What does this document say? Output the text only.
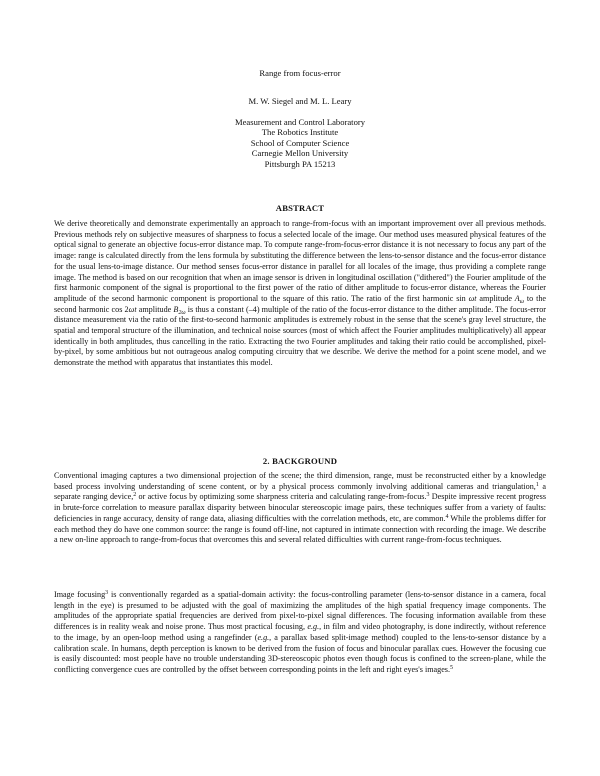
Range from focus-error
M. W. Siegel and M. L. Leary
Measurement and Control Laboratory
The Robotics Institute
School of Computer Science
Carnegie Mellon University
Pittsburgh PA 15213
ABSTRACT

We derive theoretically and demonstrate experimentally an approach to range-from-focus with an important improvement over all previous methods. Previous methods rely on subjective measures of sharpness to focus a selected locale of the image. Our method uses measured physical features of the optical signal to generate an objective focus-error distance map. To compute range-from-focus-error distance it is not necessary to focus any part of the image: range is calculated directly from the lens formula by substituting the difference between the lens-to-sensor distance and the focus-error distance for the usual lens-to-image distance. Our method senses focus-error distance in parallel for all locales of the image, thus providing a complete range image. The method is based on our recognition that when an image sensor is driven in longitudinal oscillation ("dithered") the Fourier amplitude of the first harmonic component of the signal is proportional to the first power of the ratio of dither amplitude to focus-error distance, whereas the Fourier amplitude of the second harmonic component is proportional to the square of this ratio. The ratio of the first harmonic sin ωt amplitude $A_\omega$ to the second harmonic cos 2ωt amplitude $B_{2\omega}$ is thus a constant (–4) multiple of the ratio of the focus-error distance to the dither amplitude. The focus-error distance measurement via the ratio of the first-to-second harmonic amplitudes is extremely robust in the sense that the scene's gray level structure, the spatial and temporal structure of the illumination, and technical noise sources (most of which affect the Fourier amplitudes multiplicatively) all appear identically in both amplitudes, thus cancelling in the ratio. Extracting the two Fourier amplitudes and taking their ratio could be accomplished, pixel-by-pixel, by some ambitious but not outrageous analog computing circuitry that we describe. We derive the method for a point scene model, and we demonstrate the method with apparatus that instantiates this model.

2. BACKGROUND

Conventional imaging captures a two dimensional projection of the scene; the third dimension, range, must be reconstructed either by a knowledge based process involving understanding of scene content, or by a physical process commonly involving additional cameras and triangulation,$^1$ a separate ranging device,$^2$ or active focus by optimizing some sharpness criteria and calculating range-from-focus.$^3$ Despite impressive recent progress in brute-force correlation to measure parallax disparity between binocular stereoscopic image pairs, these techniques suffer from a variety of faults: deficiencies in range accuracy, density of range data, aliasing difficulties with the correlation methods, etc, are common.$^4$ While the problems differ for each method they do have one common source: the range is found off-line, not captured in intimate connection with recording the image. We describe a new on-line approach to range-from-focus that overcomes this and several related difficulties with current range-from-focus techniques.

Image focusing$^3$ is conventionally regarded as a spatial-domain activity: the focus-controlling parameter (lens-to-sensor distance in a camera, focal length in the eye) is presumed to be adjusted with the goal of maximizing the amplitudes of the high spatial frequency image components. The amplitudes of the appropriate spatial frequencies are derived from pixel-to-pixel signal differences. The focusing information available from these differences is in reality weak and noise prone. Thus most practical focusing, e.g., in film and video photography, is done indirectly, without reference to the image, by an open-loop method using a rangefinder (e.g., a parallax based split-image method) coupled to the lens-to-sensor distance by a calibration scale. In humans, depth perception is known to be derived from the fusion of focus and binocular parallax cues. However the focusing cue is easily discounted: most people have no trouble understanding 3D-stereoscopic photos even though focus is confined to the screen-plane, while the conflicting convergence cues are controlled by the offset between corresponding points in the left and right eyes's images.$^5$
